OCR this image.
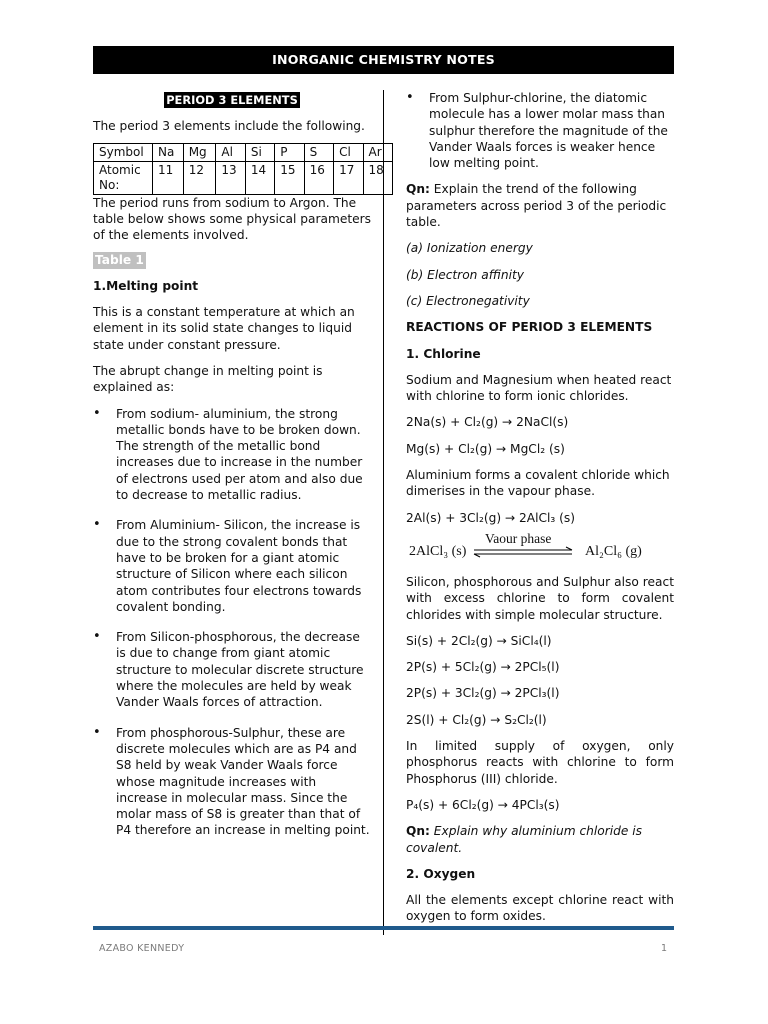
INORGANIC CHEMISTRY NOTES

PERIOD 3 ELEMENTS

The period 3 elements include the following.

Symbol	Na	Mg	Al	Si	P	S	Cl	Ar
Atomic No:	11	12	13	14	15	16	17	18

The period runs from sodium to Argon. The table below shows some physical parameters of the elements involved.

Table 1

1.Melting point

This is a constant temperature at which an element in its solid state changes to liquid state under constant pressure.

The abrupt change in melting point is explained as:

• From sodium- aluminium, the strong metallic bonds have to be broken down. The strength of the metallic bond increases due to increase in the number of electrons used per atom and also due to decrease to metallic radius.
• From Aluminium- Silicon, the increase is due to the strong covalent bonds that have to be broken for a giant atomic structure of Silicon where each silicon atom contributes four electrons towards covalent bonding.
• From Silicon-phosphorous, the decrease is due to change from giant atomic structure to molecular discrete structure where the molecules are held by weak Vander Waals forces of attraction.
• From phosphorous-Sulphur, these are discrete molecules which are as P4 and S8 held by weak Vander Waals force whose magnitude increases with increase in molecular mass. Since the molar mass of S8 is greater than that of P4 therefore an increase in melting point.
• From Sulphur-chlorine, the diatomic molecule has a lower molar mass than sulphur therefore the magnitude of the Vander Waals forces is weaker hence low melting point.

Qn: Explain the trend of the following parameters across period 3 of the periodic table.

(a) Ionization energy

(b) Electron affinity

(c) Electronegativity

REACTIONS OF PERIOD 3 ELEMENTS

1. Chlorine

Sodium and Magnesium when heated react with chlorine to form ionic chlorides.

2Na(s) + Cl₂(g) → 2NaCl(s)

Mg(s) + Cl₂(g) → MgCl₂ (s)

Aluminium forms a covalent chloride which dimerises in the vapour phase.

2Al(s) + 3Cl₂(g) → 2AlCl₃ (s)

2AlCl₃ (s)
Vaour phase
Al₂Cl₆ (g)

Silicon, phosphorous and Sulphur also react with excess chlorine to form covalent chlorides with simple molecular structure.

Si(s) + 2Cl₂(g) → SiCl₄(l)

2P(s) + 5Cl₂(g) → 2PCl₅(l)

2P(s) + 3Cl₂(g) → 2PCl₃(l)

2S(l) + Cl₂(g) → S₂Cl₂(l)

In limited supply of oxygen, only phosphorus reacts with chlorine to form Phosphorus (III) chloride.

P₄(s) + 6Cl₂(g) → 4PCl₃(s)

Qn: Explain why aluminium chloride is covalent.

2. Oxygen

All the elements except chlorine react with oxygen to form oxides.

AZABO KENNEDY	1
